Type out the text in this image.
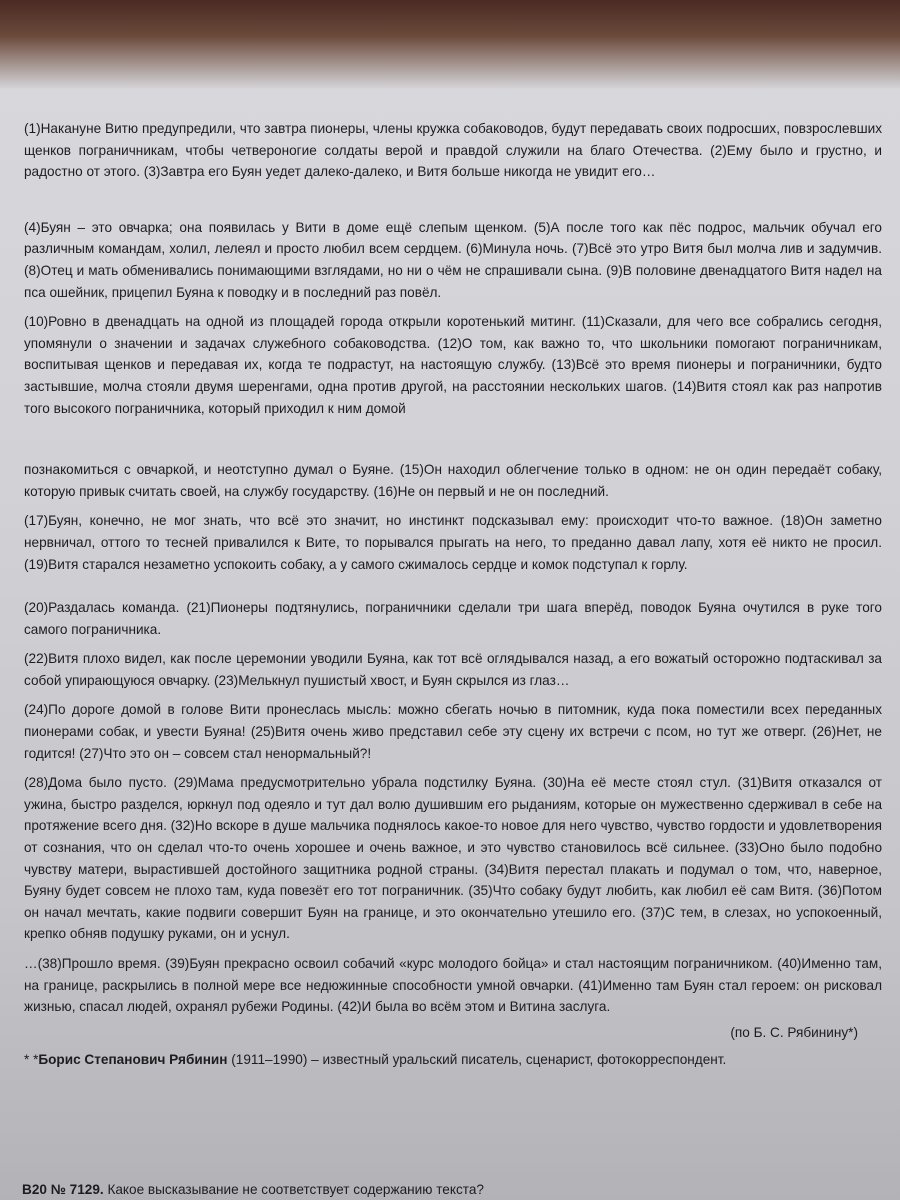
(1)Накануне Витю предупредили, что завтра пионеры, члены кружка собаководов, будут передавать своих подросших, повзрослевших щенков пограничникам, чтобы четвероногие солдаты верой и правдой служили на благо Отечества. (2)Ему было и грустно, и радостно от этого. (3)Завтра его Буян уедет далеко-далеко, и Витя больше никогда не увидит его…

(4)Буян – это овчарка; она появилась у Вити в доме ещё слепым щенком. (5)А после того как пёс подрос, мальчик обучал его различным командам, холил, лелеял и просто любил всем сердцем. (6)Минула ночь. (7)Всё это утро Витя был молча лив и задумчив. (8)Отец и мать обменивались понимающими взглядами, но ни о чём не спрашивали сына. (9)В половине двенадцатого Витя надел на пса ошейник, прицепил Буяна к поводку и в последний раз повёл.

(10)Ровно в двенадцать на одной из площадей города открыли коротенький митинг. (11)Сказали, для чего все собрались сегодня, упомянули о значении и задачах служебного собаководства. (12)О том, как важно то, что школьники помогают пограничникам, воспитывая щенков и передавая их, когда те подрастут, на настоящую службу. (13)Всё это время пионеры и пограничники, будто застывшие, молча стояли двумя шеренгами, одна против другой, на расстоянии нескольких шагов. (14)Витя стоял как раз напротив того высокого пограничника, который приходил к ним домой

познакомиться с овчаркой, и неотступно думал о Буяне. (15)Он находил облегчение только в одном: не он один передаёт собаку, которую привык считать своей, на службу государству. (16)Не он первый и не он последний.

(17)Буян, конечно, не мог знать, что всё это значит, но инстинкт подсказывал ему: происходит что-то важное. (18)Он заметно нервничал, оттого то тесней привалился к Вите, то порывался прыгать на него, то преданно давал лапу, хотя её никто не просил. (19)Витя старался незаметно успокоить собаку, а у самого сжималось сердце и комок подступал к горлу.

(20)Раздалась команда. (21)Пионеры подтянулись, пограничники сделали три шага вперёд, поводок Буяна очутился в руке того самого пограничника.

(22)Витя плохо видел, как после церемонии уводили Буяна, как тот всё оглядывался назад, а его вожатый осторожно подтаскивал за собой упирающуюся овчарку. (23)Мелькнул пушистый хвост, и Буян скрылся из глаз…

(24)По дороге домой в голове Вити пронеслась мысль: можно сбегать ночью в питомник, куда пока поместили всех переданных пионерами собак, и увести Буяна! (25)Витя очень живо представил себе эту сцену их встречи с псом, но тут же отверг. (26)Нет, не годится! (27)Что это он – совсем стал ненормальный?!

(28)Дома было пусто. (29)Мама предусмотрительно убрала подстилку Буяна. (30)На её месте стоял стул. (31)Витя отказался от ужина, быстро разделся, юркнул под одеяло и тут дал волю душившим его рыданиям, которые он мужественно сдерживал в себе на протяжение всего дня. (32)Но вскоре в душе мальчика поднялось какое-то новое для него чувство, чувство гордости и удовлетворения от сознания, что он сделал что-то очень хорошее и очень важное, и это чувство становилось всё сильнее. (33)Оно было подобно чувству матери, вырастившей достойного защитника родной страны. (34)Витя перестал плакать и подумал о том, что, наверное, Буяну будет совсем не плохо там, куда повезёт его тот пограничник. (35)Что собаку будут любить, как любил её сам Витя. (36)Потом он начал мечтать, какие подвиги совершит Буян на границе, и это окончательно утешило его. (37)С тем, в слезах, но успокоенный, крепко обняв подушку руками, он и уснул.

…(38)Прошло время. (39)Буян прекрасно освоил собачий «курс молодого бойца» и стал настоящим пограничником. (40)Именно там, на границе, раскрылись в полной мере все недюжинные способности умной овчарки. (41)Именно там Буян стал героем: он рисковал жизнью, спасал людей, охранял рубежи Родины. (42)И была во всём этом и Витина заслуга.

(по Б. С. Рябинину*)

* *Борис Степанович Рябинин (1911–1990) – известный уральский писатель, сценарист, фотокорреспондент.

B20 № 7129. Какое высказывание не соответствует содержанию текста?
